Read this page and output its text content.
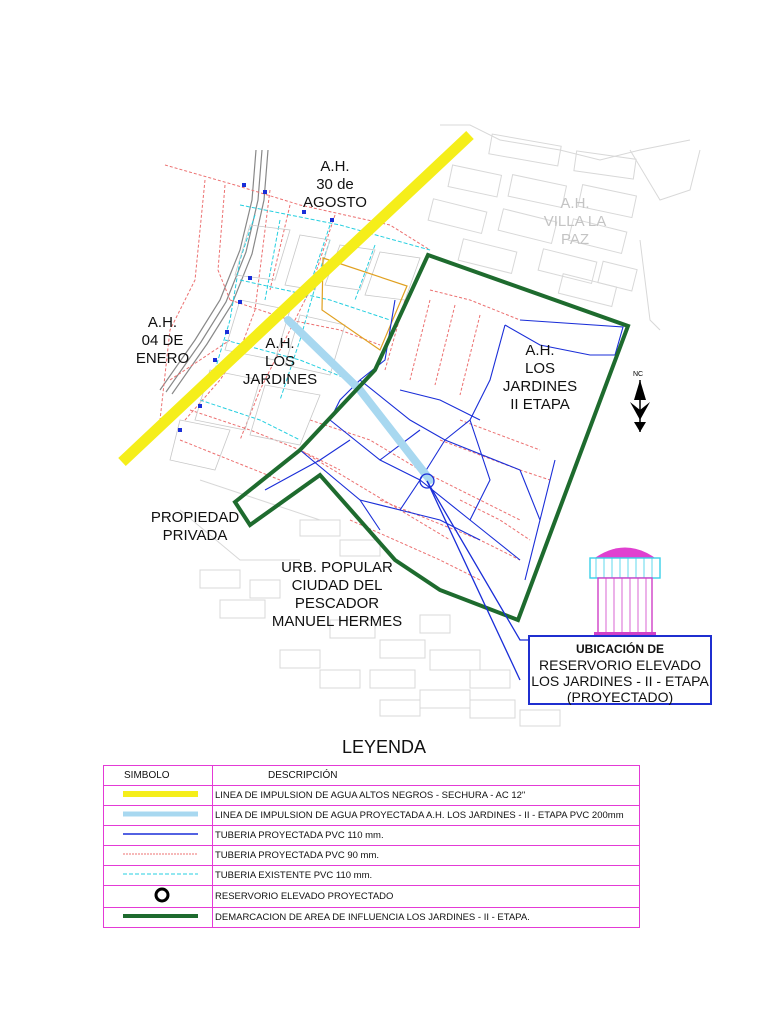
NC
A.H.
30 de
AGOSTO	A.H.
VILLA LA
PAZ
A.H.
04 DE
ENERO
A.H.
LOS
JARDINES
A.H.
LOS
JARDINES
II ETAPA
PROPIEDAD
PRIVADA
URB. POPULAR
CIUDAD DEL
PESCADOR
MANUEL HERMES
UBICACIÓN DE
RESERVORIO ELEVADO
LOS JARDINES - II - ETAPA
(PROYECTADO)
LEYENDA
SIMBOLO	DESCRIPCIÓN
	LINEA DE IMPULSION DE AGUA ALTOS NEGROS - SECHURA - AC 12"
	LINEA DE IMPULSION DE AGUA PROYECTADA A.H. LOS JARDINES - II - ETAPA PVC 200mm
	TUBERIA PROYECTADA PVC 110 mm.
	TUBERIA PROYECTADA PVC 90 mm.
	TUBERIA EXISTENTE PVC 110 mm.
	RESERVORIO ELEVADO PROYECTADO
	DEMARCACION DE AREA DE INFLUENCIA LOS JARDINES - II - ETAPA.
